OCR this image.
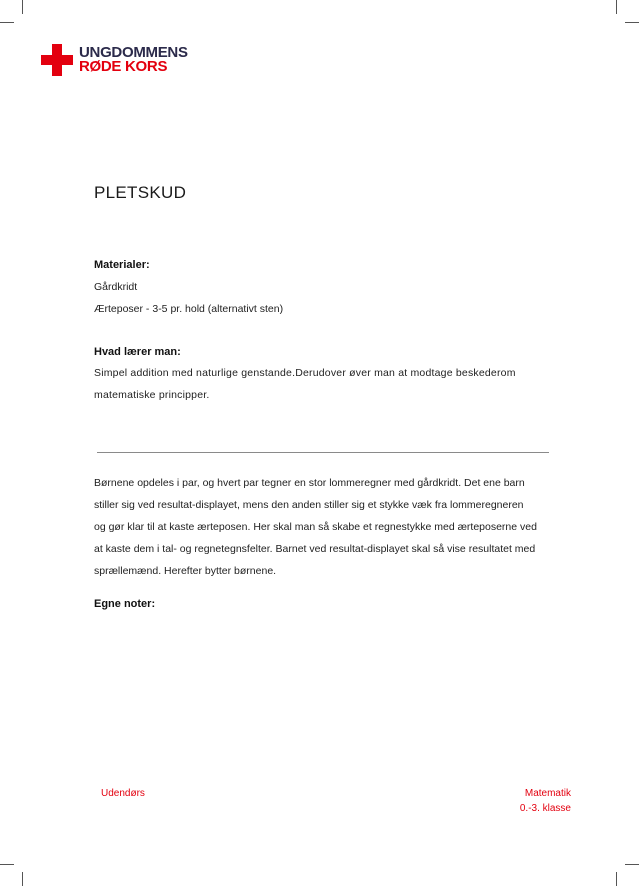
UNGDOMMENS
RØDE KORS
PLETSKUD
Materialer:
Gårdkridt
Ærteposer - 3-5 pr. hold (alternativt sten)
Hvad lærer man:
Simpel addition med naturlige genstande.Derudover øver man at modtage beskederom
matematiske principper.
Børnene opdeles i par, og hvert par tegner en stor lommeregner med gårdkridt. Det ene barn
stiller sig ved resultat-displayet, mens den anden stiller sig et stykke væk fra lommeregneren
og gør klar til at kaste ærteposen. Her skal man så skabe et regnestykke med ærteposerne ved
at kaste dem i tal- og regnetegnsfelter. Barnet ved resultat-displayet skal så vise resultatet med
sprællemænd. Herefter bytter børnene.
Egne noter:
Udendørs	Matematik
0.-3. klasse
